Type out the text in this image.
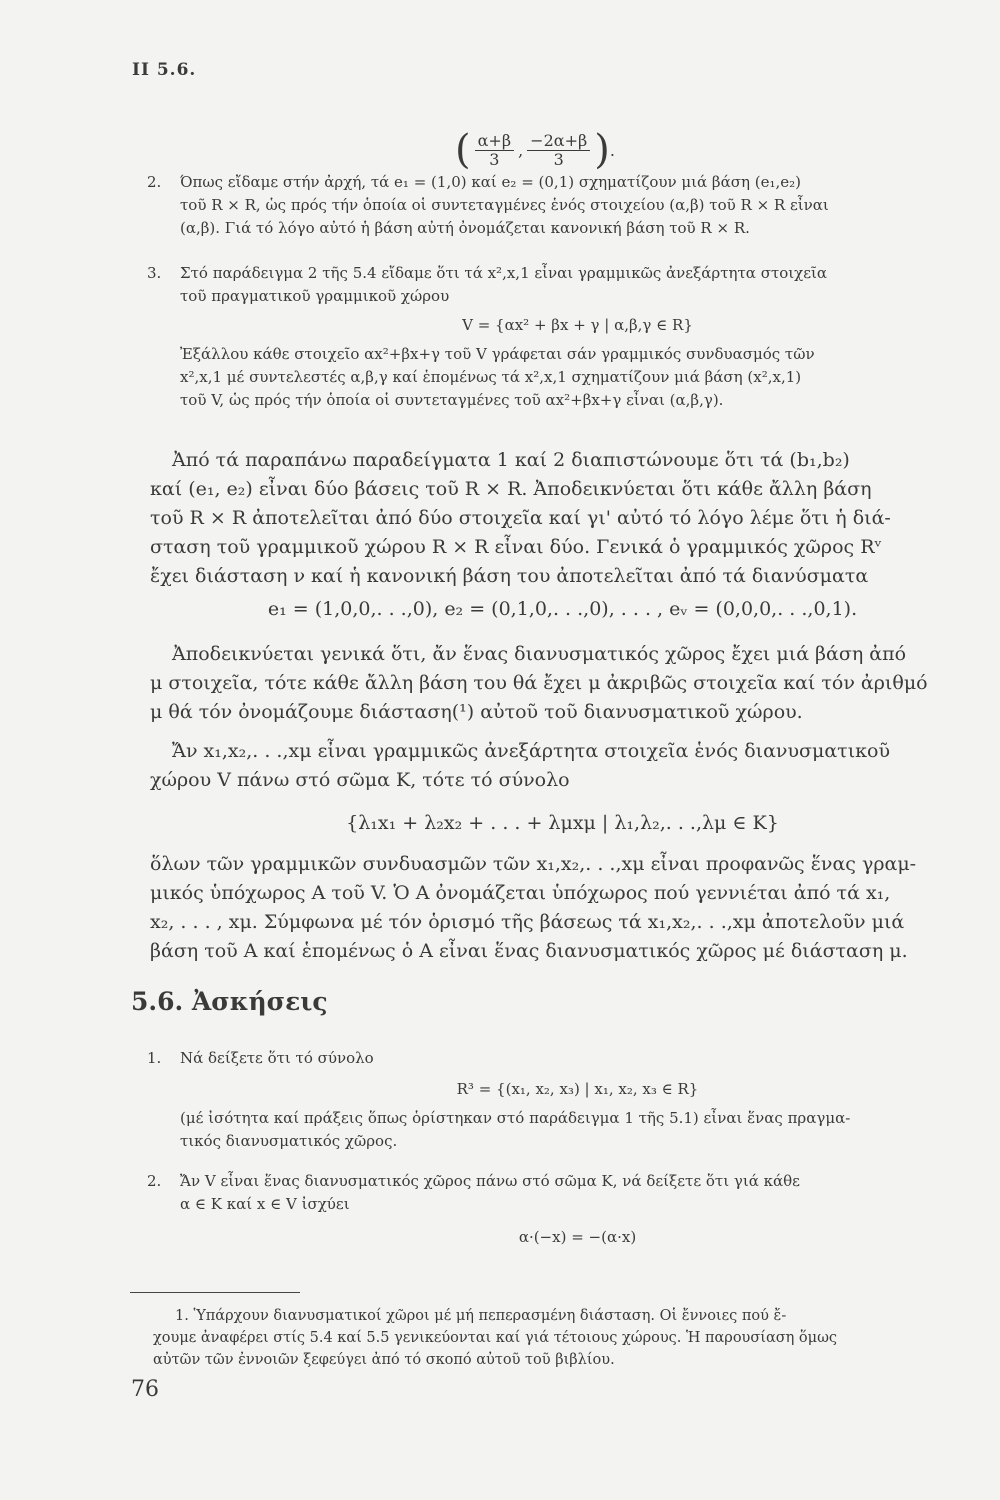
II 5.6.
( $\frac{\alpha+\beta}{3}$ , $\frac{-2\alpha+\beta}{3}$ ) .
2. Όπως εἴδαμε στήν ἀρχή, τά e₁ = (1,0) καί e₂ = (0,1) σχηματίζουν μιά βάση (e₁,e₂)

τοῦ R × R, ὡς πρός τήν ὁποία οἱ συντεταγμένες ἑνός στοιχείου (α,β) τοῦ R × R εἶναι

(α,β). Γιά τό λόγο αὐτό ἡ βάση αὐτή ὀνομάζεται κανονική βάση τοῦ R × R.

3. Στό παράδειγμα 2 τῆς 5.4 εἴδαμε ὅτι τά x²,x,1 εἶναι γραμμικῶς ἀνεξάρτητα στοιχεῖα

τοῦ πραγματικοῦ γραμμικοῦ χώρου

V = {αx² + βx + γ | α,β,γ ∈ R}

Ἐξάλλου κάθε στοιχεῖο αx²+βx+γ τοῦ V γράφεται σάν γραμμικός συνδυασμός τῶν

x²,x,1 μέ συντελεστές α,β,γ καί ἑπομένως τά x²,x,1 σχηματίζουν μιά βάση (x²,x,1)

τοῦ V, ὡς πρός τήν ὁποία οἱ συντεταγμένες τοῦ αx²+βx+γ εἶναι (α,β,γ).

Ἀπό τά παραπάνω παραδείγματα 1 καί 2 διαπιστώνουμε ὅτι τά (b₁,b₂)

καί (e₁, e₂) εἶναι δύο βάσεις τοῦ R × R. Ἀποδεικνύεται ὅτι κάθε ἄλλη βάση

τοῦ R × R ἀποτελεῖται ἀπό δύο στοιχεῖα καί γι' αὐτό τό λόγο λέμε ὅτι ἡ διά-

σταση τοῦ γραμμικοῦ χώρου R × R εἶναι δύο. Γενικά ὁ γραμμικός χῶρος Rᵛ

ἔχει διάσταση ν καί ἡ κανονική βάση του ἀποτελεῖται ἀπό τά διανύσματα

e₁ = (1,0,0,. . .,0), e₂ = (0,1,0,. . .,0), . . . , eᵥ = (0,0,0,. . .,0,1).

Ἀποδεικνύεται γενικά ὅτι, ἄν ἕνας διανυσματικός χῶρος ἔχει μιά βάση ἀπό

μ στοιχεῖα, τότε κάθε ἄλλη βάση του θά ἔχει μ ἀκριβῶς στοιχεῖα καί τόν ἀριθμό

μ θά τόν ὀνομάζουμε διάσταση(¹) αὐτοῦ τοῦ διανυσματικοῦ χώρου.

Ἄν x₁,x₂,. . .,xμ εἶναι γραμμικῶς ἀνεξάρτητα στοιχεῖα ἑνός διανυσματικοῦ

χώρου V πάνω στό σῶμα K, τότε τό σύνολο

{λ₁x₁ + λ₂x₂ + . . . + λμxμ | λ₁,λ₂,. . .,λμ ∈ K}

ὅλων τῶν γραμμικῶν συνδυασμῶν τῶν x₁,x₂,. . .,xμ εἶναι προφανῶς ἕνας γραμ-

μικός ὑπόχωρος A τοῦ V. Ὁ A ὀνομάζεται ὑπόχωρος πού γεννιέται ἀπό τά x₁,

x₂, . . . , xμ. Σύμφωνα μέ τόν ὁρισμό τῆς βάσεως τά x₁,x₂,. . .,xμ ἀποτελοῦν μιά

βάση τοῦ A καί ἑπομένως ὁ A εἶναι ἕνας διανυσματικός χῶρος μέ διάσταση μ.

5.6. Ἀσκήσεις
1. Νά δείξετε ὅτι τό σύνολο

R³ = {(x₁, x₂, x₃) | x₁, x₂, x₃ ∈ R}

(μέ ἰσότητα καί πράξεις ὅπως ὁρίστηκαν στό παράδειγμα 1 τῆς 5.1) εἶναι ἕνας πραγμα-

τικός διανυσματικός χῶρος.

2. Ἄν V εἶναι ἕνας διανυσματικός χῶρος πάνω στό σῶμα K, νά δείξετε ὅτι γιά κάθε

α ∈ K καί x ∈ V ἰσχύει

α·(−x) = −(α·x)

1. Ὑπάρχουν διανυσματικοί χῶροι μέ μή πεπερασμένη διάσταση. Οἱ ἔννοιες πού ἔ-

χουμε ἀναφέρει στίς 5.4 καί 5.5 γενικεύονται καί γιά τέτοιους χώρους. Ἡ παρουσίαση ὅμως

αὐτῶν τῶν ἐννοιῶν ξεφεύγει ἀπό τό σκοπό αὐτοῦ τοῦ βιβλίου.

76
